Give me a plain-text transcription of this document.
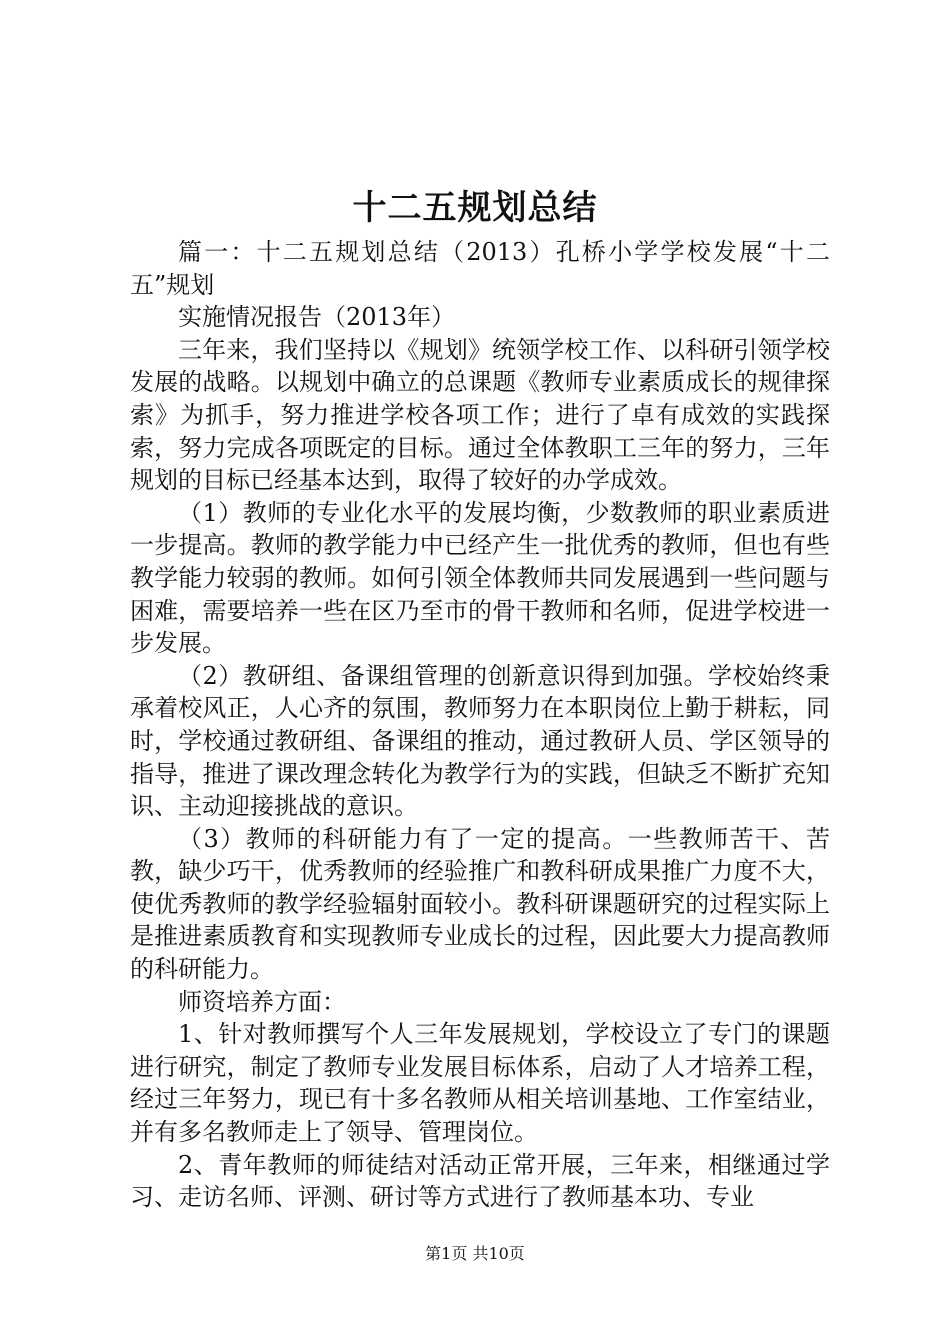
十二五规划总结

篇一：十二五规划总结（2013）孔桥小学学校发展“十二五”规划

实施情况报告（2013年）

三年来，我们坚持以《规划》统领学校工作、以科研引领学校发展的战略。以规划中确立的总课题《教师专业素质成长的规律探索》为抓手，努力推进学校各项工作；进行了卓有成效的实践探索，努力完成各项既定的目标。通过全体教职工三年的努力，三年规划的目标已经基本达到，取得了较好的办学成效。

（1）教师的专业化水平的发展均衡，少数教师的职业素质进一步提高。教师的教学能力中已经产生一批优秀的教师，但也有些教学能力较弱的教师。如何引领全体教师共同发展遇到一些问题与困难，需要培养一些在区乃至市的骨干教师和名师，促进学校进一步发展。

（2）教研组、备课组管理的创新意识得到加强。学校始终秉承着校风正，人心齐的氛围，教师努力在本职岗位上勤于耕耘，同时，学校通过教研组、备课组的推动，通过教研人员、学区领导的指导，推进了课改理念转化为教学行为的实践，但缺乏不断扩充知识、主动迎接挑战的意识。

（3）教师的科研能力有了一定的提高。一些教师苦干、苦教，缺少巧干，优秀教师的经验推广和教科研成果推广力度不大，使优秀教师的教学经验辐射面较小。教科研课题研究的过程实际上是推进素质教育和实现教师专业成长的过程，因此要大力提高教师的科研能力。

师资培养方面：

1、针对教师撰写个人三年发展规划，学校设立了专门的课题进行研究，制定了教师专业发展目标体系，启动了人才培养工程，经过三年努力，现已有十多名教师从相关培训基地、工作室结业，并有多名教师走上了领导、管理岗位。

2、青年教师的师徒结对活动正常开展，三年来，相继通过学习、走访名师、评测、研讨等方式进行了教师基本功、专业

第1页 共10页
